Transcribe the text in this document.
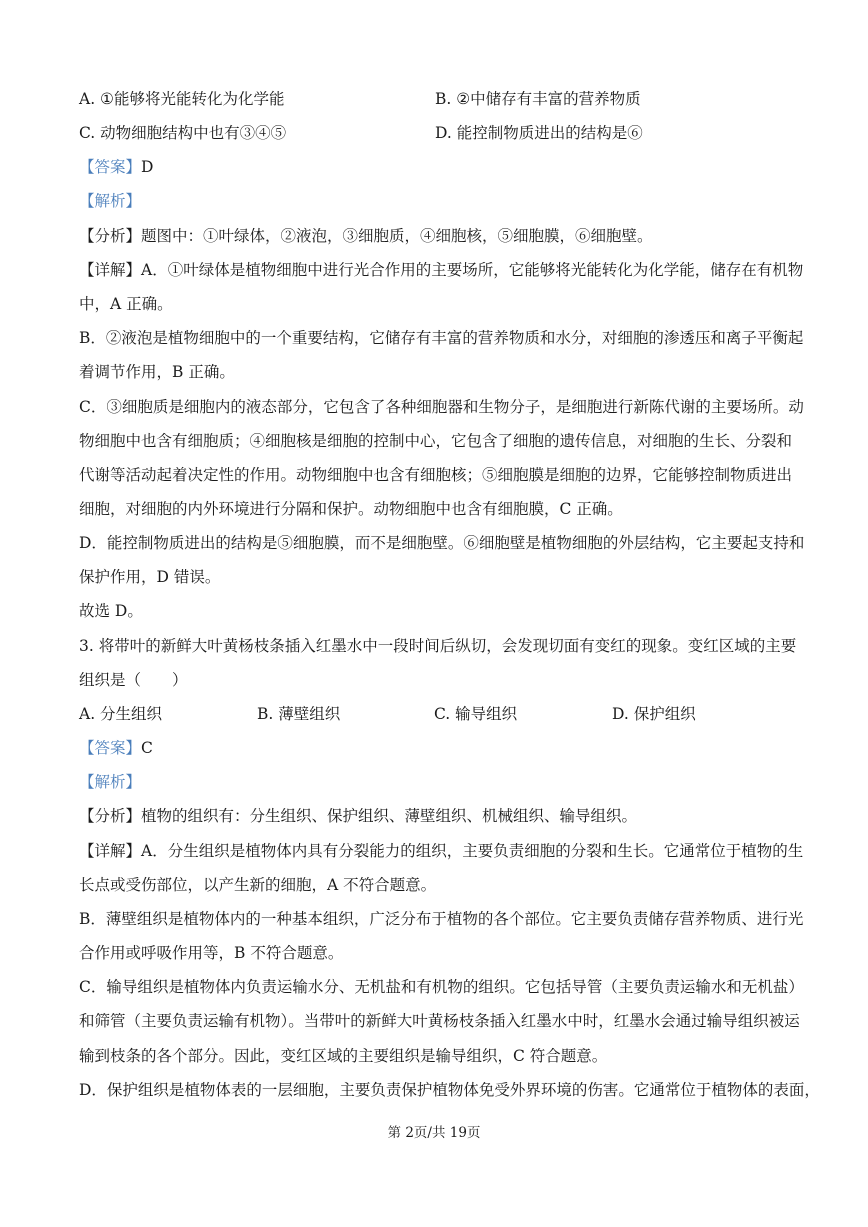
A. ①能够将光能转化为化学能	B. ②中储存有丰富的营养物质
C. 动物细胞结构中也有③④⑤	D. 能控制物质进出的结构是⑥
【答案】D
【解析】
【分析】题图中：①叶绿体，②液泡，③细胞质，④细胞核，⑤细胞膜，⑥细胞壁。
【详解】A．①叶绿体是植物细胞中进行光合作用的主要场所，它能够将光能转化为化学能，储存在有机物
中，A 正确。
B．②液泡是植物细胞中的一个重要结构，它储存有丰富的营养物质和水分，对细胞的渗透压和离子平衡起
着调节作用，B 正确。
C．③细胞质是细胞内的液态部分，它包含了各种细胞器和生物分子，是细胞进行新陈代谢的主要场所。动
物细胞中也含有细胞质；④细胞核是细胞的控制中心，它包含了细胞的遗传信息，对细胞的生长、分裂和
代谢等活动起着决定性的作用。动物细胞中也含有细胞核；⑤细胞膜是细胞的边界，它能够控制物质进出
细胞，对细胞的内外环境进行分隔和保护。动物细胞中也含有细胞膜，C 正确。
D．能控制物质进出的结构是⑤细胞膜，而不是细胞壁。⑥细胞壁是植物细胞的外层结构，它主要起支持和
保护作用，D 错误。
故选 D。
3. 将带叶的新鲜大叶黄杨枝条插入红墨水中一段时间后纵切，会发现切面有变红的现象。变红区域的主要
组织是（　　）
A. 分生组织	B. 薄壁组织	C. 输导组织	D. 保护组织
【答案】C
【解析】
【分析】植物的组织有：分生组织、保护组织、薄壁组织、机械组织、输导组织。
【详解】A．分生组织是植物体内具有分裂能力的组织，主要负责细胞的分裂和生长。它通常位于植物的生
长点或受伤部位，以产生新的细胞，A 不符合题意。
B．薄壁组织是植物体内的一种基本组织，广泛分布于植物的各个部位。它主要负责储存营养物质、进行光
合作用或呼吸作用等，B 不符合题意。
C．输导组织是植物体内负责运输水分、无机盐和有机物的组织。它包括导管（主要负责运输水和无机盐）
和筛管（主要负责运输有机物）。当带叶的新鲜大叶黄杨枝条插入红墨水中时，红墨水会通过输导组织被运
输到枝条的各个部分。因此，变红区域的主要组织是输导组织，C 符合题意。
D．保护组织是植物体表的一层细胞，主要负责保护植物体免受外界环境的伤害。它通常位于植物体的表面，
第 2页/共 19页
